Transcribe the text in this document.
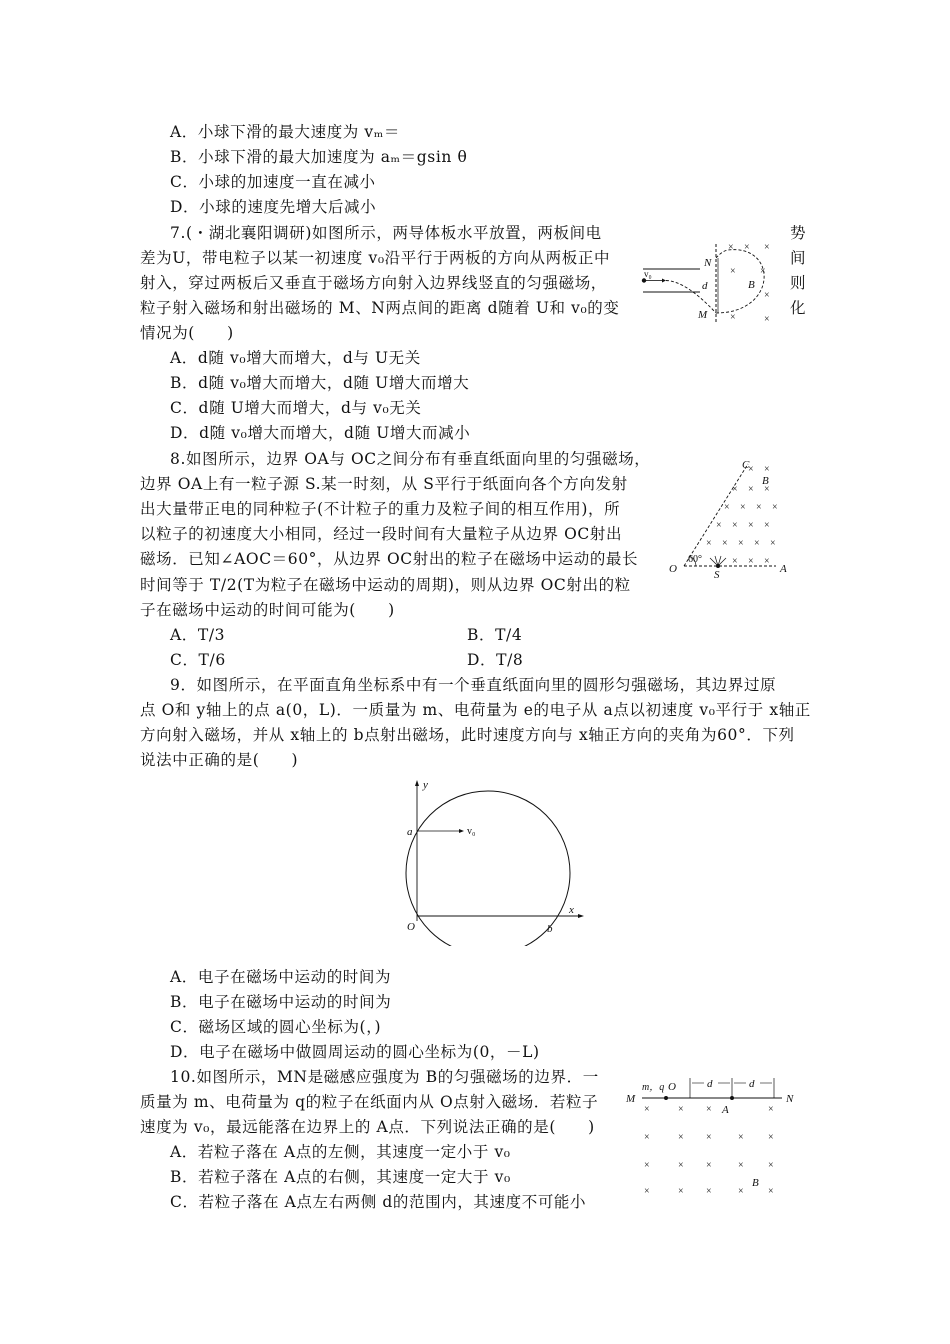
A．小球下滑的最大速度为 vₘ＝
B．小球下滑的最大加速度为 aₘ＝gsin θ
C．小球的加速度一直在减小
D．小球的速度先增大后减小
7.(・湖北襄阳调研)如图所示，两导体板水平放置，两板间电
差为U，带电粒子以某一初速度 v₀沿平行于两板的方向从两板正中
射入，穿过两板后又垂直于磁场方向射入边界线竖直的匀强磁场，
粒子射入磁场和射出磁场的 M、N两点间的距离 d随着 U和 v₀的变
情况为(　　)
势
间
则
化
A．d随 v₀增大而增大，d与 U无关
B．d随 v₀增大而增大，d随 U增大而增大
C．d随 U增大而增大，d与 v₀无关
D．d随 v₀增大而增大，d随 U增大而减小
v₀
N
M
d	B
× × ×
× ×
×
×	×
8.如图所示，边界 OA与 OC之间分布有垂直纸面向里的匀强磁场，
边界 OA上有一粒子源 S.某一时刻，从 S平行于纸面向各个方向发射
出大量带正电的同种粒子(不计粒子的重力及粒子间的相互作用)，所
以粒子的初速度大小相同，经过一段时间有大量粒子从边界 OC射出
磁场．已知∠AOC＝60°，从边界 OC射出的粒子在磁场中运动的最长
时间等于 T/2(T为粒子在磁场中运动的周期)，则从边界 OC射出的粒
子在磁场中运动的时间可能为(　　)
A．T/3	B．T/4
C．T/6	D．T/8
60°
O	A
C
B
S
× ×
× × ×
× × × ×
× × × ×
× × × × ×
× × ×
9．如图所示，在平面直角坐标系中有一个垂直纸面向里的圆形匀强磁场，其边界过原
点 O和 y轴上的点 a(0，L)．一质量为 m、电荷量为 e的电子从 a点以初速度 v₀平行于 x轴正
方向射入磁场，并从 x轴上的 b点射出磁场，此时速度方向与 x轴正方向的夹角为60°．下列
说法中正确的是(　　)
v₀
y
x
a
O	b
A．电子在磁场中运动的时间为
B．电子在磁场中运动的时间为
C．磁场区域的圆心坐标为(，)
D．电子在磁场中做圆周运动的圆心坐标为(0，－L)
10.如图所示，MN是磁感应强度为 B的匀强磁场的边界．一
质量为 m、电荷量为 q的粒子在纸面内从 O点射入磁场．若粒子
速度为 v₀，最远能落在边界上的 A点．下列说法正确的是(　　)
A．若粒子落在 A点的左侧，其速度一定小于 v₀
B．若粒子落在 A点的右侧，其速度一定大于 v₀
C．若粒子落在 A点左右两侧 d的范围内，其速度不可能小
d	d
m，q O
M	N
A
B
×	× ×	×
×	× ×	× ×
×	× ×	× ×
×	× ×	× ×
